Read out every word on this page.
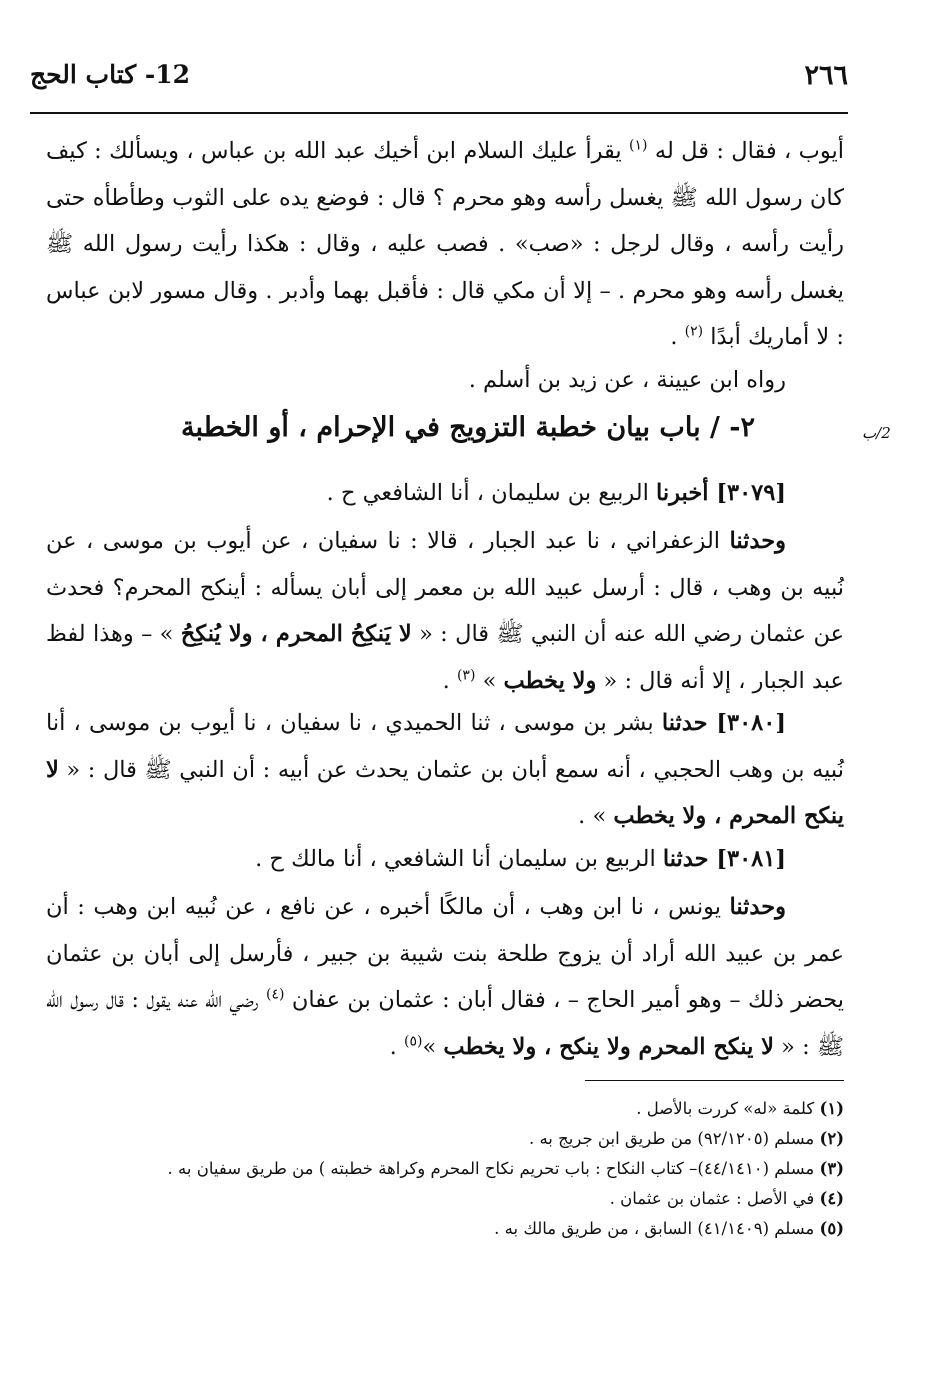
٢٦٦
12- كتاب الحج

أيوب ، فقال : قل له $^{(١)}$ يقرأ عليك السلام ابن أخيك عبد الله بن عباس ، ويسألك : كيف كان رسول الله ﷺ يغسل رأسه وهو محرم ؟ قال : فوضع يده على الثوب وطأطأه حتى رأيت رأسه ، وقال لرجل : «صب» . فصب عليه ، وقال : هكذا رأيت رسول الله ﷺ يغسل رأسه وهو محرم . – إلا أن مكي قال : فأقبل بهما وأدبر . وقال مسور لابن عباس : لا أماريك أبدًا $^{(٢)}$ .

رواه ابن عيينة ، عن زيد بن أسلم .

٢- / باب بيان خطبة التزويج في الإحرام ، أو الخطبة	2/ب

[٣٠٧٩] أخبرنا الربيع بن سليمان ، أنا الشافعي ح .

وحدثنا الزعفراني ، نا عبد الجبار ، قالا : نا سفيان ، عن أيوب بن موسى ، عن نُبيه بن وهب ، قال : أرسل عبيد الله بن معمر إلى أبان يسأله : أينكح المحرم؟ فحدث عن عثمان رضي الله عنه أن النبي ﷺ قال : « لا يَنكِحُ المحرم ، ولا يُنكِحُ » – وهذا لفظ عبد الجبار ، إلا أنه قال : « ولا يخطب » $^{(٣)}$ .

[٣٠٨٠] حدثنا بشر بن موسى ، ثنا الحميدي ، نا سفيان ، نا أيوب بن موسى ، أنا نُبيه بن وهب الحجبي ، أنه سمع أبان بن عثمان يحدث عن أبيه : أن النبي ﷺ قال : « لا ينكح المحرم ، ولا يخطب » .

[٣٠٨١] حدثنا الربيع بن سليمان أنا الشافعي ، أنا مالك ح .

وحدثنا يونس ، نا ابن وهب ، أن مالكًا أخبره ، عن نافع ، عن نُبيه ابن وهب : أن عمر بن عبيد الله أراد أن يزوج طلحة بنت شيبة بن جبير ، فأرسل إلى أبان بن عثمان يحضر ذلك – وهو أمير الحاج – ، فقال أبان : عثمان بن عفان $^{(٤)}$ رضي الله عنه يقول : قال رسول الله ﷺ : « لا ينكح المحرم ولا ينكح ، ولا يخطب »$^{(٥)}$ .

(١) كلمة «له» كررت بالأصل .

(٢) مسلم (٩٢/١٢٠٥) من طريق ابن جريج به .

(٣) مسلم (٤٤/١٤١٠)– كتاب النكاح : باب تحريم نكاح المحرم وكراهة خطبته ) من طريق سفيان به .

(٤) في الأصل : عثمان بن عثمان .

(٥) مسلم (٤١/١٤٠٩) السابق ، من طريق مالك به .
